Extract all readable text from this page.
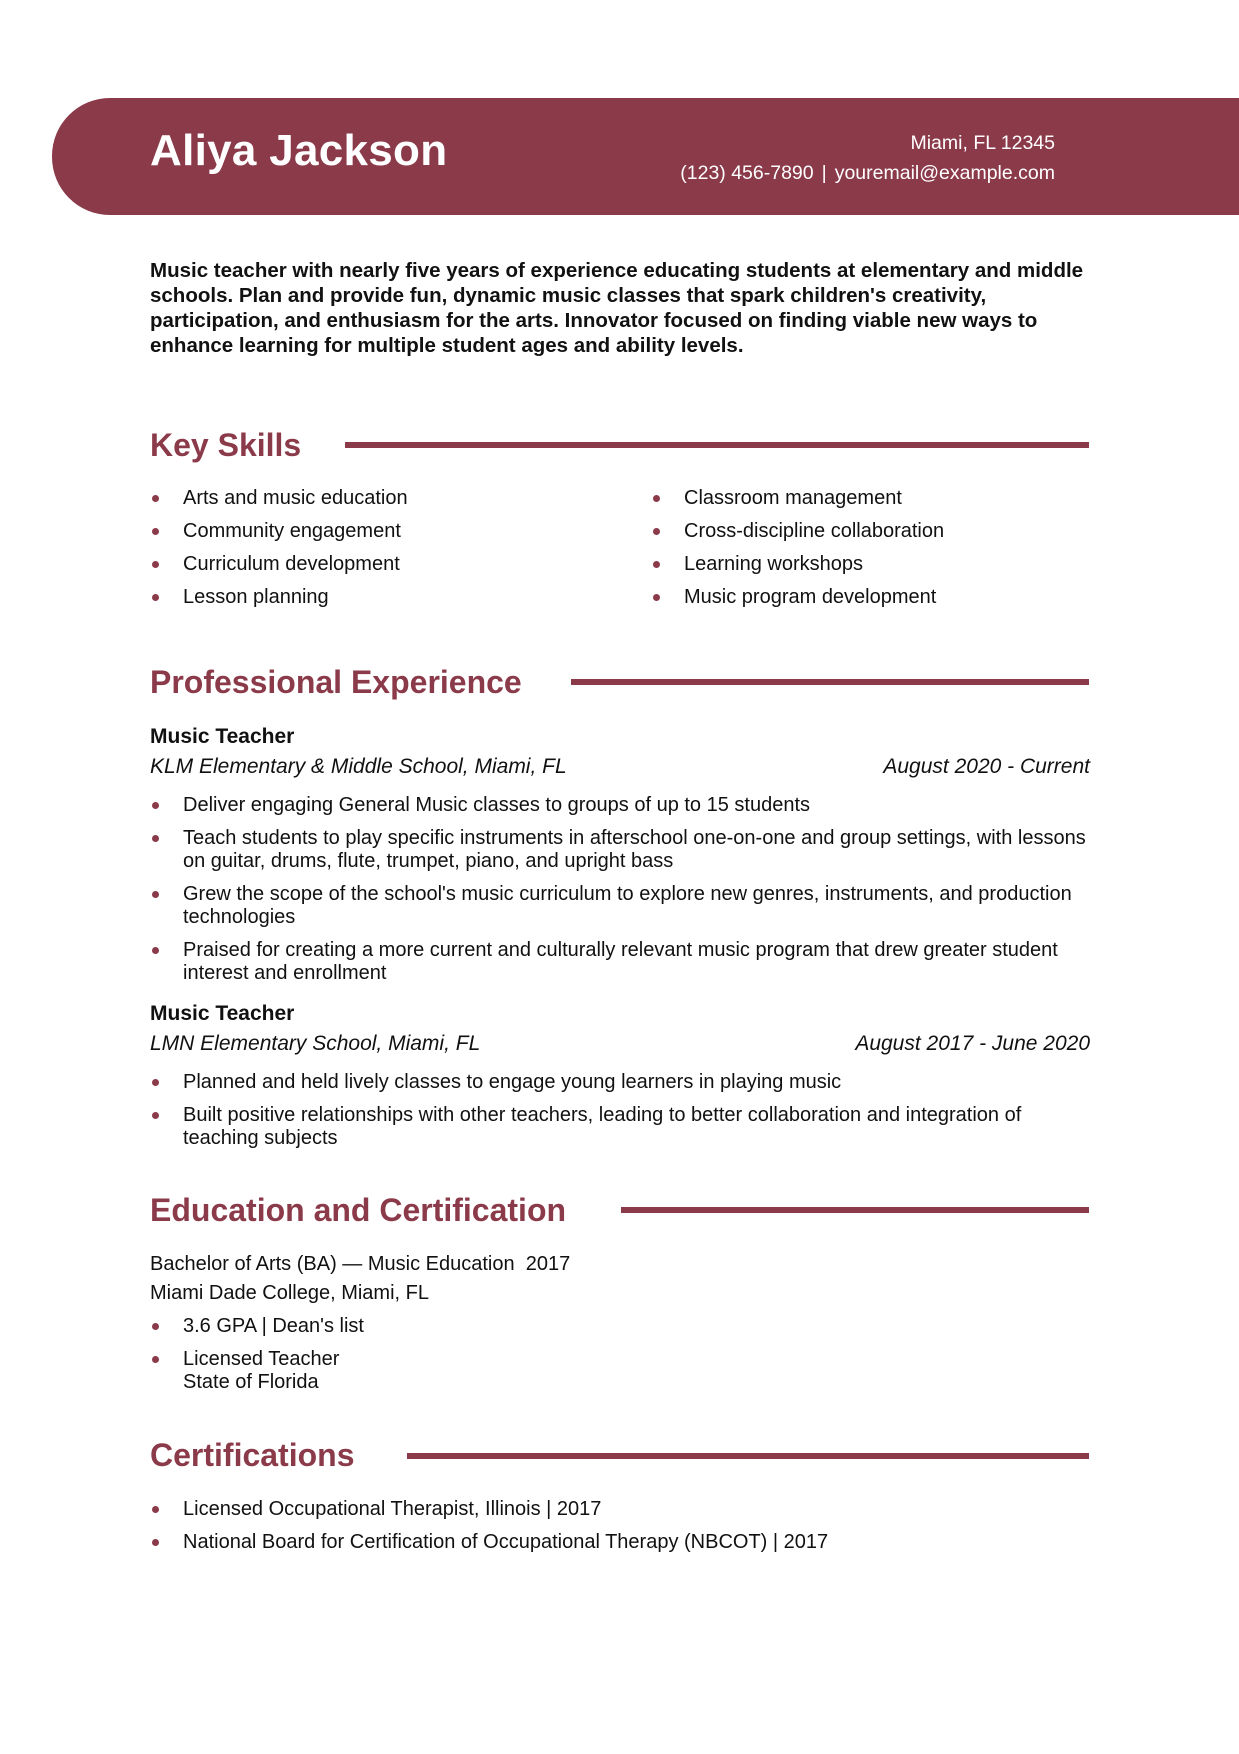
Aliya Jackson	Miami, FL 12345
(123) 456-7890 | youremail@example.com
Music teacher with nearly five years of experience educating students at elementary and middle schools. Plan and provide fun, dynamic music classes that spark children's creativity, participation, and enthusiasm for the arts. Innovator focused on finding viable new ways to enhance learning for multiple student ages and ability levels.
Key Skills
Arts and music education
Community engagement
Curriculum development
Lesson planning
Classroom management
Cross-discipline collaboration
Learning workshops
Music program development
Professional Experience
Music Teacher
KLM Elementary & Middle School, Miami, FL	August 2020 - Current
Deliver engaging General Music classes to groups of up to 15 students
Teach students to play specific instruments in afterschool one-on-one and group settings, with lessons on guitar, drums, flute, trumpet, piano, and upright bass
Grew the scope of the school's music curriculum to explore new genres, instruments, and production technologies
Praised for creating a more current and culturally relevant music program that drew greater student interest and enrollment
Music Teacher
LMN Elementary School, Miami, FL	August 2017 - June 2020
Planned and held lively classes to engage young learners in playing music
Built positive relationships with other teachers, leading to better collaboration and integration of teaching subjects
Education and Certification
Bachelor of Arts (BA) — Music Education  2017
Miami Dade College, Miami, FL
3.6 GPA | Dean's list
Licensed Teacher
State of Florida
Certifications
Licensed Occupational Therapist, Illinois | 2017
National Board for Certification of Occupational Therapy (NBCOT) | 2017
